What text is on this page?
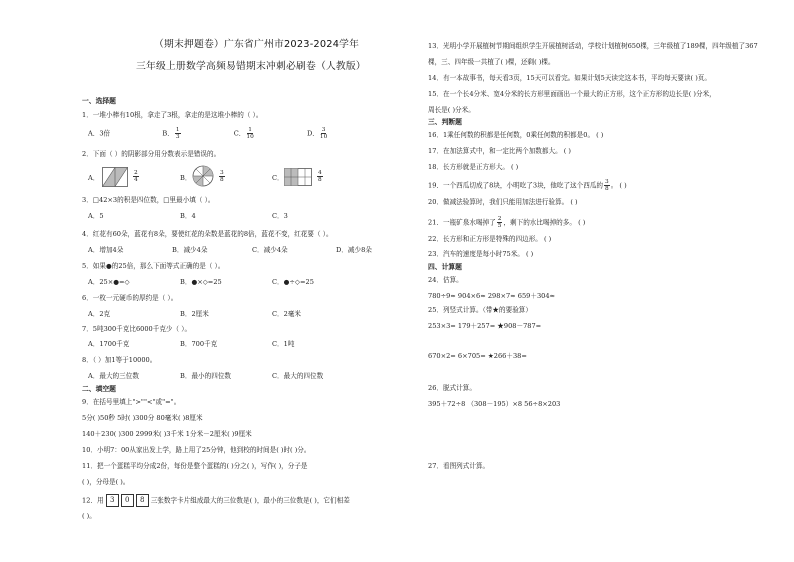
（期末押题卷）广东省广州市2023-2024学年
三年级上册数学高频易错期末冲刺必刷卷（人教版）
一、选择题
1．一堆小棒有10根，拿走了3根，拿走的是这堆小棒的（ ）。
A．3倍	B． $\frac{1}{3}$	C． $\frac{1}{10}$	D． $\frac{3}{10}$
2．下面（ ）的阴影部分用分数表示是错误的。
A．	$\frac{2}{4}$	B．	$\frac{3}{8}$	C．	$\frac{4}{8}$
3．□42×3的积是四位数，□里最小填（ ）。
A．5	B．4	C．3
4．红花有60朵，蓝花有8朵，要使红花的朵数是蓝花的8倍，蓝花不变，红花要（ ）。
A．增加4朵	B．减少4朵	C．减少4朵	D．减少8朵
5．如果●的25倍，那么下面等式正确的是（ ）。
A．25×●=◇	B．●×◇=25	C．●÷◇=25
6．一枚一元硬币的厚约是（ ）。
A．2克	B．2厘米	C．2毫米
7．5吨300千克比6000千克少（ ）。
A．1700千克	B．700千克	C．1吨
8．（ ）加1等于10000。
A．最大的三位数	B．最小的四位数	C．最大的四位数
二、填空题
9．在括号里填上">""<"或"="。
5分( )50秒 5时( )300分 80毫米( )8厘米
140＋230( )300 2999米( )3千米 1分米－2厘米( )9厘米
10．小明7：00从家出发上学，路上用了25分钟，他到校的时间是( )时( )分。
11．把一个蛋糕平均分成2份，每份是整个蛋糕的( )分之( )，写作( )，分子是
( )，分母是( )。
12．用 3 0 8 三张数字卡片组成最大的三位数是( )，最小的三位数是( )，它们相差
( )。
13．光明小学开展植树节期间组织学生开展植树活动，学校计划植树650棵，三年级植了189棵，四年级植了367
棵，三、四年级一共植了( )棵，还剩( )棵。
14．有一本故事书，每天看3页，15天可以看完。如果计划5天读完这本书，平均每天要读( )页。
15．在一个长4分米、宽4分米的长方形里面画出一个最大的正方形，这个正方形的边长是( )分米，
周长是( )分米。
三、判断题
16．1乘任何数的积都是任何数，0乘任何数的积都是0。 ( )
17．在加法算式中，和一定比两个加数都大。 ( )
18．长方形就是正方形大。 ( )
19．一个西瓜切成了8块，小明吃了3块，他吃了这个西瓜的 $\frac{3}{8}$ 。 ( )
20．做减法验算时，我们只能用加法进行验算。 ( )
21．一瓶矿泉水喝掉了 $\frac{2}{5}$ ，剩下的水比喝掉的多。 ( )
22．长方形和正方形是特殊的四边形。 ( )
23．汽车的速度是每小时75米。 ( )
四、计算题
24．估算。
780÷9≈ 904×6≈ 298×7≈ 659＋304≈
25．列竖式计算。（带★的要验算）
253×3= 179＋257= ★908－787=
670×2= 6×705= ★266＋38=
26．脱式计算。
395＋72÷8 （308－195）×8 56÷8×203
27．看图列式计算。
